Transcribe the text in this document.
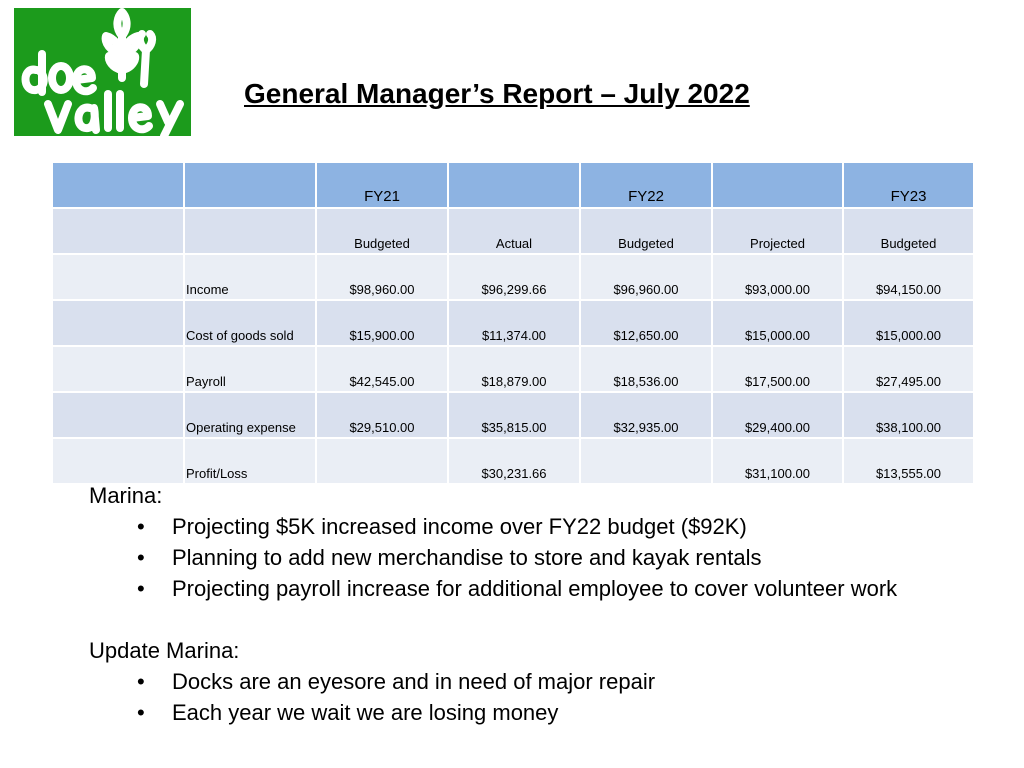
General Manager’s Report – July 2022
		FY21		FY22		FY23
		Budgeted	Actual	Budgeted	Projected	Budgeted
	Income	$98,960.00	$96,299.66	$96,960.00	$93,000.00	$94,150.00
	Cost of goods sold	$15,900.00	$11,374.00	$12,650.00	$15,000.00	$15,000.00
	Payroll	$42,545.00	$18,879.00	$18,536.00	$17,500.00	$27,495.00
	Operating expense	$29,510.00	$35,815.00	$32,935.00	$29,400.00	$38,100.00
	Profit/Loss		$30,231.66		$31,100.00	$13,555.00

Marina:

• Projecting $5K increased income over FY22 budget ($92K)
• Planning to add new merchandise to store and kayak rentals
• Projecting payroll increase for additional employee to cover volunteer work

Update Marina:

• Docks are an eyesore and in need of major repair
• Each year we wait we are losing money
